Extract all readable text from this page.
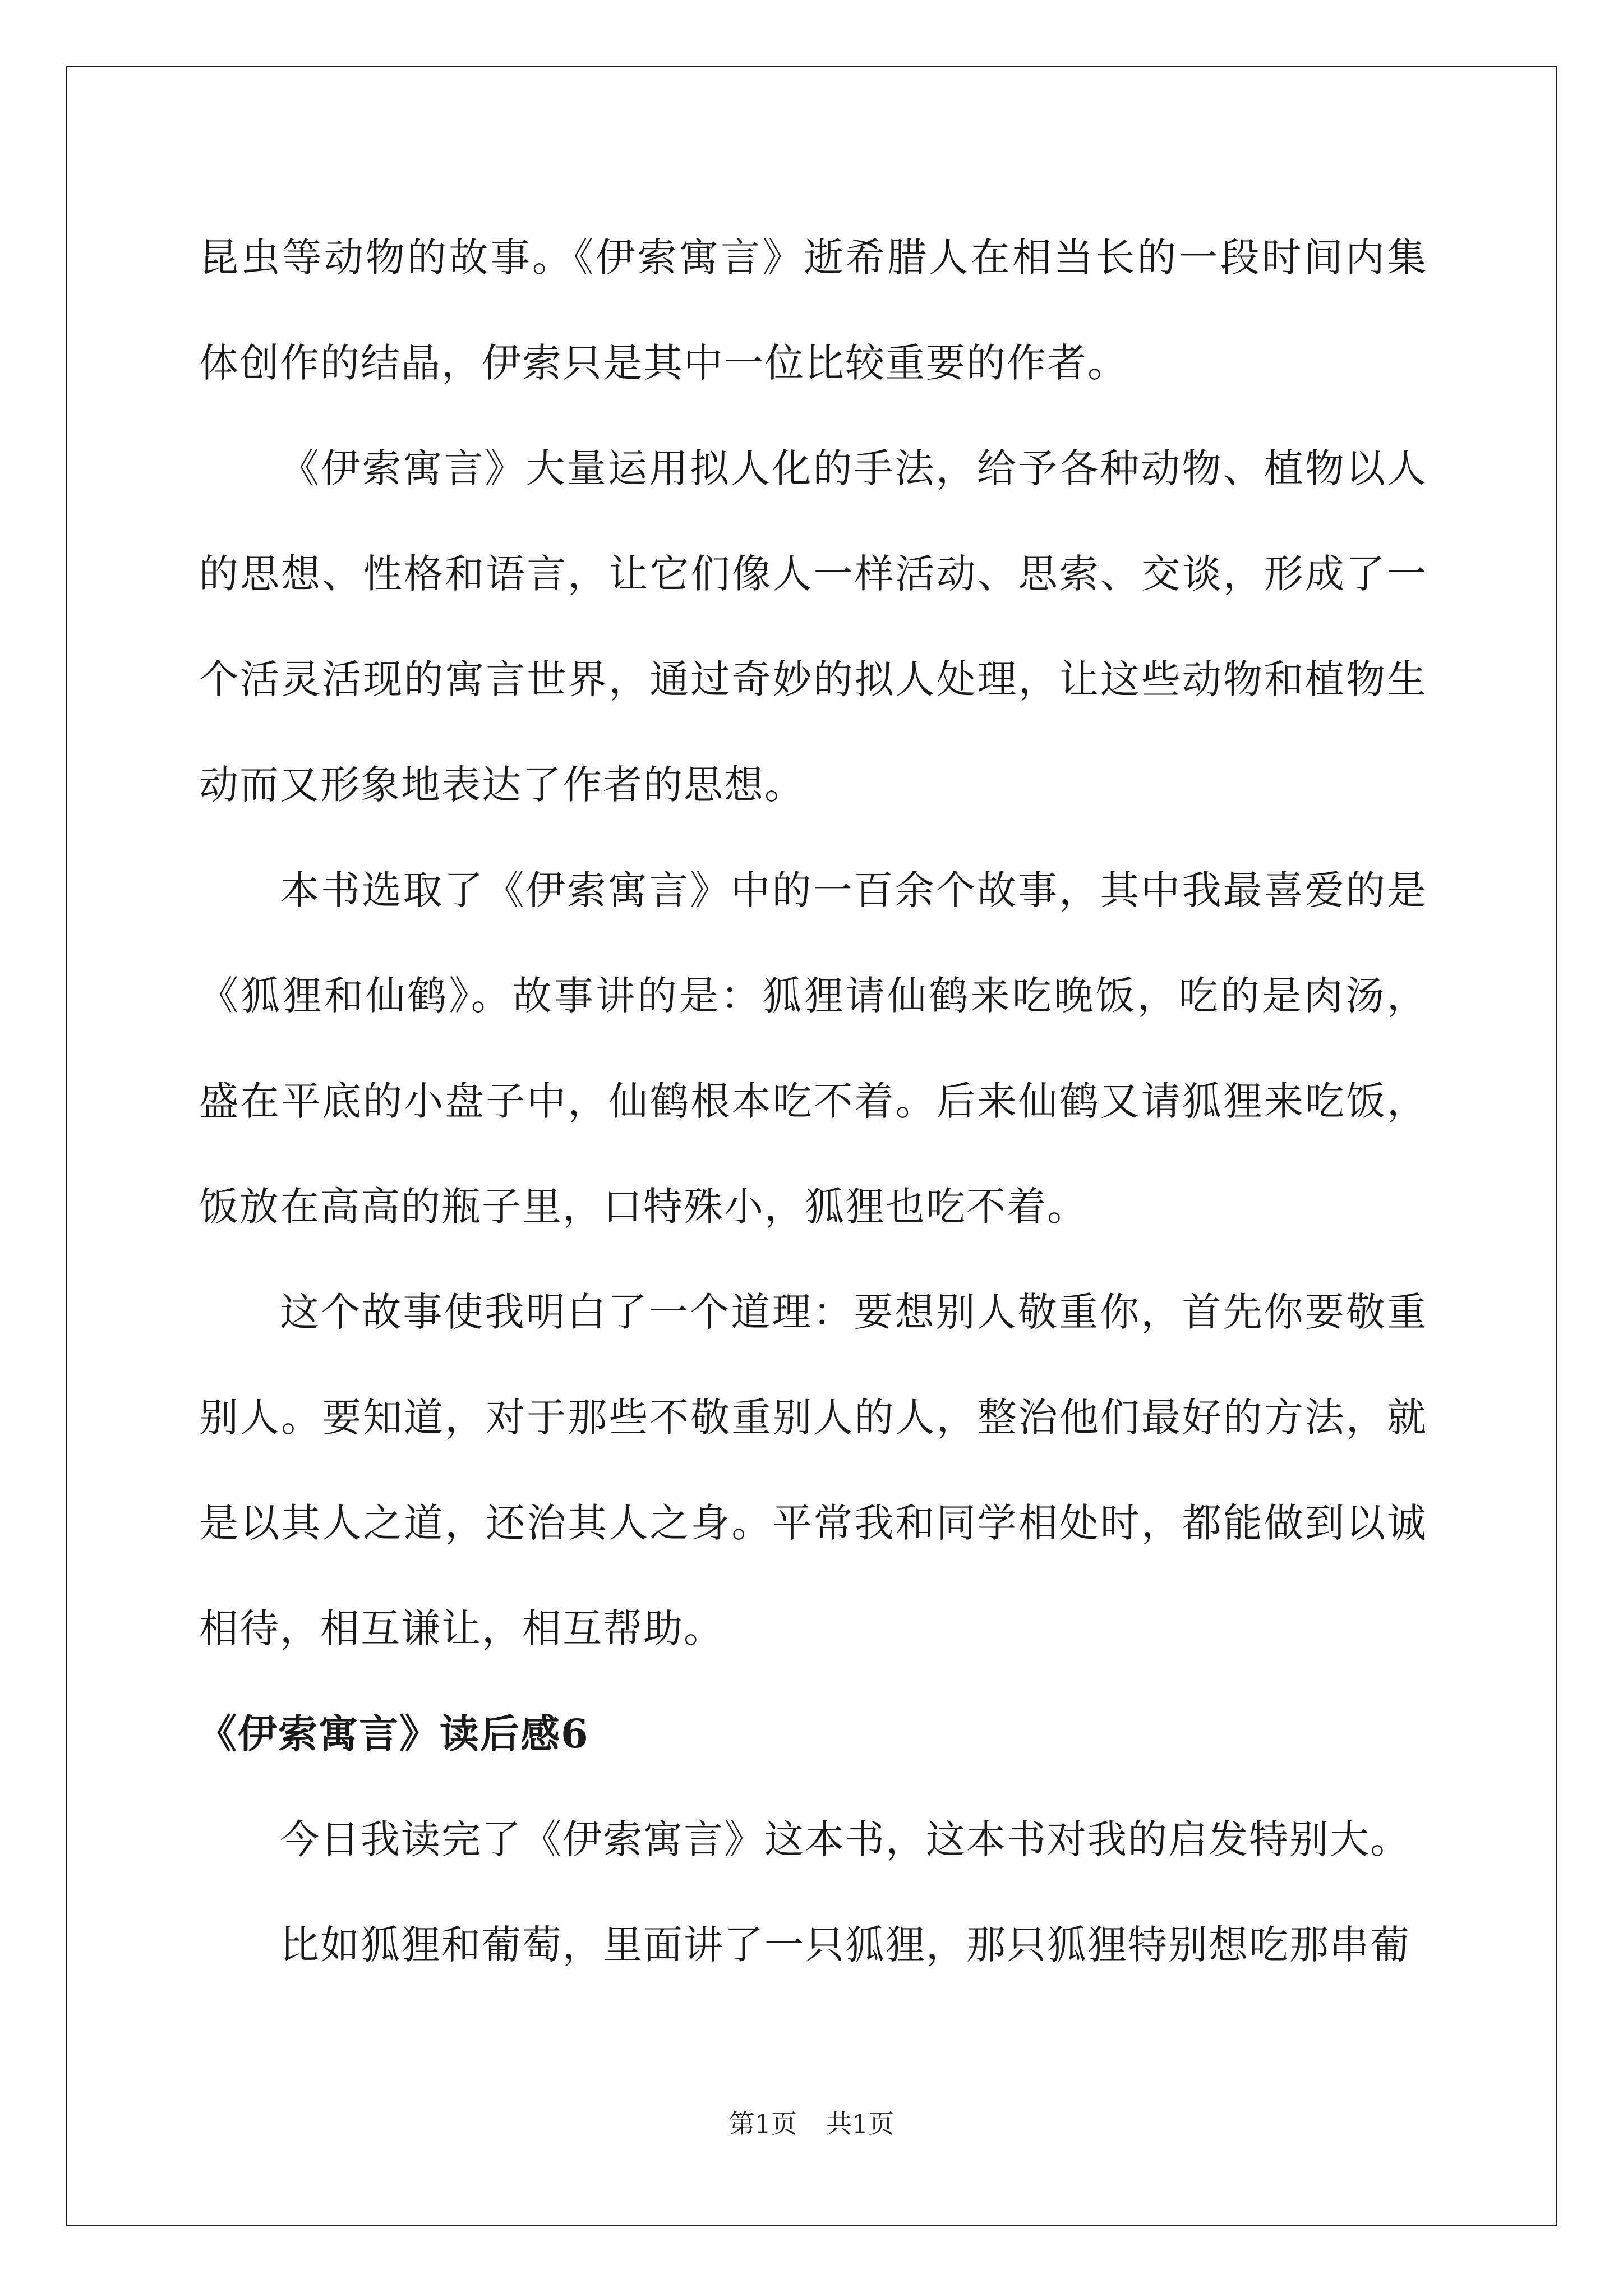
昆虫等动物的故事。《伊索寓言》逝希腊人在相当长的一段时间内集体创作的结晶，伊索只是其中一位比较重要的作者。

《伊索寓言》大量运用拟人化的手法，给予各种动物、植物以人的思想、性格和语言，让它们像人一样活动、思索、交谈，形成了一个活灵活现的寓言世界，通过奇妙的拟人处理，让这些动物和植物生动而又形象地表达了作者的思想。

本书选取了《伊索寓言》中的一百余个故事，其中我最喜爱的是《狐狸和仙鹤》。故事讲的是：狐狸请仙鹤来吃晚饭，吃的是肉汤，盛在平底的小盘子中，仙鹤根本吃不着。后来仙鹤又请狐狸来吃饭，饭放在高高的瓶子里，口特殊小，狐狸也吃不着。

这个故事使我明白了一个道理：要想别人敬重你，首先你要敬重别人。要知道，对于那些不敬重别人的人，整治他们最好的方法，就是以其人之道，还治其人之身。平常我和同学相处时，都能做到以诚相待，相互谦让，相互帮助。

《伊索寓言》读后感6

今日我读完了《伊索寓言》这本书，这本书对我的启发特别大。

比如狐狸和葡萄，里面讲了一只狐狸，那只狐狸特别想吃那串葡

第1页 共1页
